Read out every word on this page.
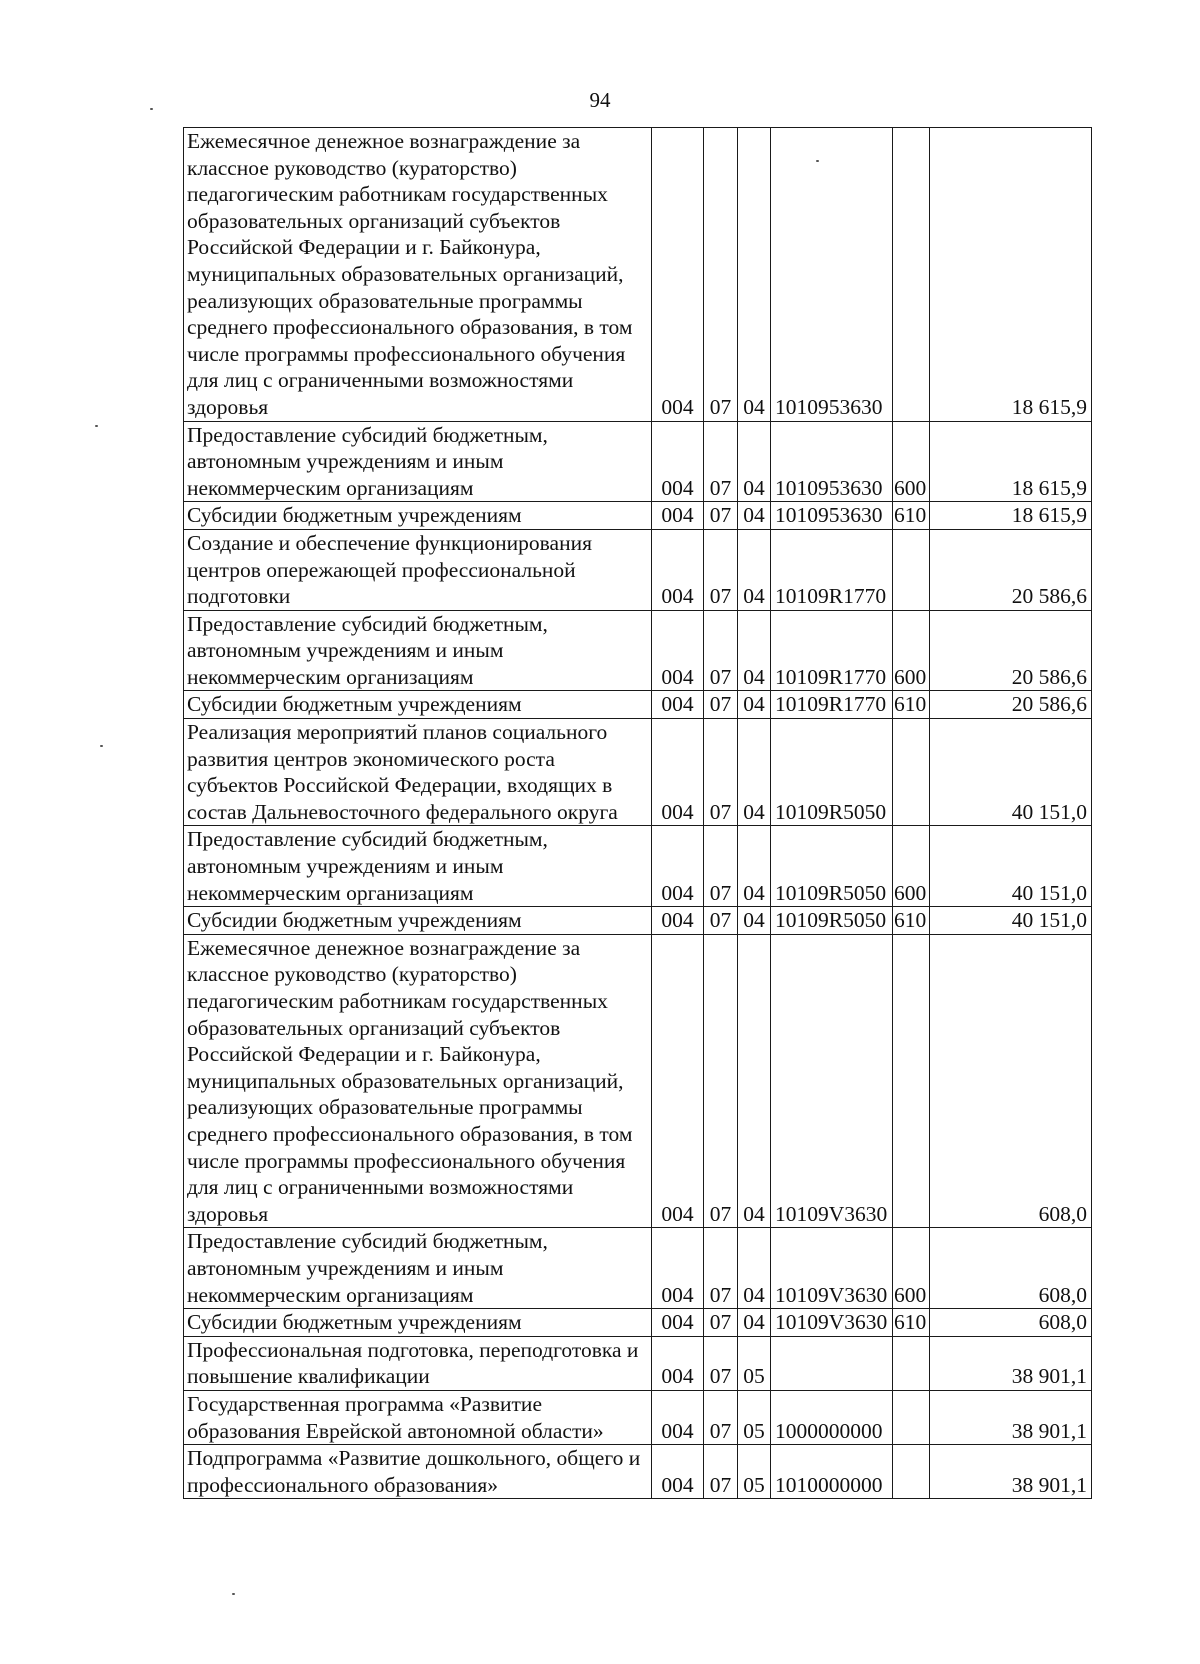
94
Ежемесячное денежное вознаграждение за классное руководство (кураторство) педагогическим работникам государственных образовательных организаций субъектов Российской Федерации и г. Байконура, муниципальных образовательных организаций, реализующих образовательные программы среднего профессионального образования, в том числе программы профессионального обучения для лиц с ограниченными возможностями здоровья	004	07	04	1010953630		18 615,9
Предоставление субсидий бюджетным, автономным учреждениям и иным некоммерческим организациям	004	07	04	1010953630	600	18 615,9
Субсидии бюджетным учреждениям	004	07	04	1010953630	610	18 615,9
Создание и обеспечение функционирования центров опережающей профессиональной подготовки	004	07	04	10109R1770		20 586,6
Предоставление субсидий бюджетным, автономным учреждениям и иным некоммерческим организациям	004	07	04	10109R1770	600	20 586,6
Субсидии бюджетным учреждениям	004	07	04	10109R1770	610	20 586,6
Реализация мероприятий планов социального развития центров экономического роста субъектов Российской Федерации, входящих в состав Дальневосточного федерального округа	004	07	04	10109R5050		40 151,0
Предоставление субсидий бюджетным, автономным учреждениям и иным некоммерческим организациям	004	07	04	10109R5050	600	40 151,0
Субсидии бюджетным учреждениям	004	07	04	10109R5050	610	40 151,0
Ежемесячное денежное вознаграждение за классное руководство (кураторство) педагогическим работникам государственных образовательных организаций субъектов Российской Федерации и г. Байконура, муниципальных образовательных организаций, реализующих образовательные программы среднего профессионального образования, в том числе программы профессионального обучения для лиц с ограниченными возможностями здоровья	004	07	04	10109V3630		608,0
Предоставление субсидий бюджетным, автономным учреждениям и иным некоммерческим организациям	004	07	04	10109V3630	600	608,0
Субсидии бюджетным учреждениям	004	07	04	10109V3630	610	608,0
Профессиональная подготовка, переподготовка и повышение квалификации	004	07	05			38 901,1
Государственная программа «Развитие образования Еврейской автономной области»	004	07	05	1000000000		38 901,1
Подпрограмма «Развитие дошкольного, общего и профессионального образования»	004	07	05	1010000000		38 901,1
